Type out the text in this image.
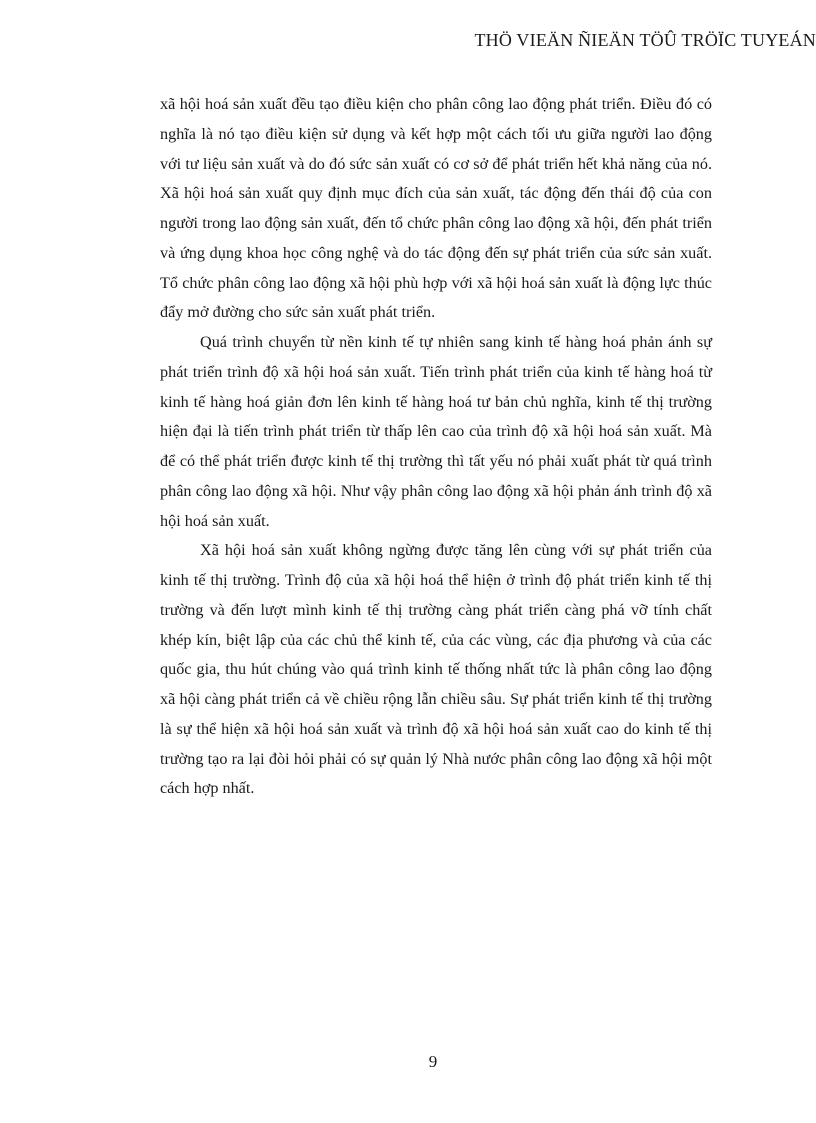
THÖ VIEÄN ÑIEÄN TÖÛ TRÖÏC TUYEÁN

xã hội hoá sản xuất đều tạo điều kiện cho phân công lao động phát triển. Điều đó có nghĩa là nó tạo điều kiện sử dụng và kết hợp một cách tối ưu giữa người lao động với tư liệu sản xuất và do đó sức sản xuất có cơ sở để phát triển hết khả năng của nó. Xã hội hoá sản xuất quy định mục đích của sản xuất, tác động đến thái độ của con người trong lao động sản xuất, đến tổ chức phân công lao động xã hội, đến phát triển và ứng dụng khoa học công nghệ và do tác động đến sự phát triển của sức sản xuất. Tổ chức phân công lao động xã hội phù hợp với xã hội hoá sản xuất là động lực thúc đẩy mở đường cho sức sản xuất phát triển.

Quá trình chuyển từ nền kinh tế tự nhiên sang kinh tế hàng hoá phản ánh sự phát triển trình độ xã hội hoá sản xuất. Tiến trình phát triển của kinh tế hàng hoá từ kinh tế hàng hoá giản đơn lên kinh tế hàng hoá tư bản chủ nghĩa, kinh tế thị trường hiện đại là tiến trình phát triển từ thấp lên cao của trình độ xã hội hoá sản xuất. Mà để có thể phát triển được kinh tế thị trường thì tất yếu nó phải xuất phát từ quá trình phân công lao động xã hội. Như vậy phân công lao động xã hội phản ánh trình độ xã hội hoá sản xuất.

Xã hội hoá sản xuất không ngừng được tăng lên cùng với sự phát triển của kinh tế thị trường. Trình độ của xã hội hoá thể hiện ở trình độ phát triển kinh tế thị trường và đến lượt mình kinh tế thị trường càng phát triển càng phá vỡ tính chất khép kín, biệt lập của các chủ thể kinh tế, của các vùng, các địa phương và của các quốc gia, thu hút chúng vào quá trình kinh tế thống nhất tức là phân công lao động xã hội càng phát triển cả về chiều rộng lẫn chiều sâu. Sự phát triển kinh tế thị trường là sự thể hiện xã hội hoá sản xuất và trình độ xã hội hoá sản xuất cao do kinh tế thị trường tạo ra lại đòi hỏi phải có sự quản lý Nhà nước phân công lao động xã hội một cách hợp nhất.

9
